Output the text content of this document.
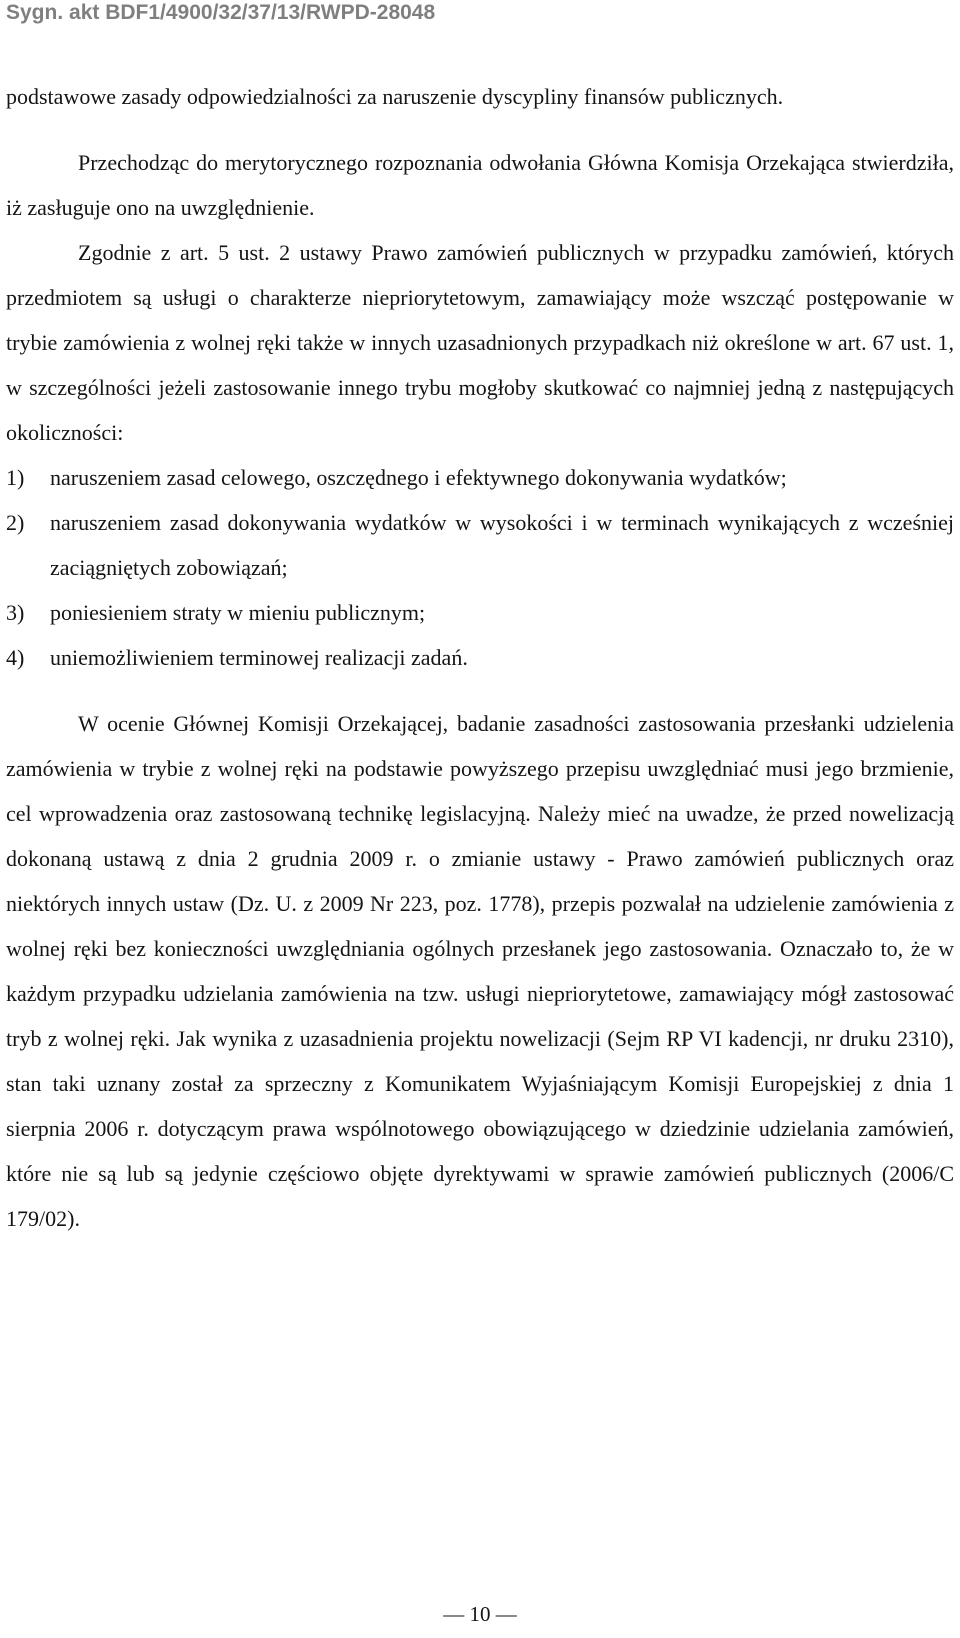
Sygn. akt BDF1/4900/32/37/13/RWPD-28048

podstawowe zasady odpowiedzialności za naruszenie dyscypliny finansów publicznych.

Przechodząc do merytorycznego rozpoznania odwołania Główna Komisja Orzekająca stwierdziła, iż zasługuje ono na uwzględnienie.

Zgodnie z art. 5 ust. 2 ustawy Prawo zamówień publicznych w przypadku zamówień, których przedmiotem są usługi o charakterze niepriorytetowym, zamawiający może wszcząć postępowanie w trybie zamówienia z wolnej ręki także w innych uzasadnionych przypadkach niż określone w art. 67 ust. 1, w szczególności jeżeli zastosowanie innego trybu mogłoby skutkować co najmniej jedną z następujących okoliczności:

1)	naruszeniem zasad celowego, oszczędnego i efektywnego dokonywania wydatków;
2)	naruszeniem zasad dokonywania wydatków w wysokości i w terminach wynikających z wcześniej zaciągniętych zobowiązań;
3)	poniesieniem straty w mieniu publicznym;
4)	uniemożliwieniem terminowej realizacji zadań.

W ocenie Głównej Komisji Orzekającej, badanie zasadności zastosowania przesłanki udzielenia zamówienia w trybie z wolnej ręki na podstawie powyższego przepisu uwzględniać musi jego brzmienie, cel wprowadzenia oraz zastosowaną technikę legislacyjną. Należy mieć na uwadze, że przed nowelizacją dokonaną ustawą z dnia 2 grudnia 2009 r. o zmianie ustawy - Prawo zamówień publicznych oraz niektórych innych ustaw (Dz. U. z 2009 Nr 223, poz. 1778), przepis pozwalał na udzielenie zamówienia z wolnej ręki bez konieczności uwzględniania ogólnych przesłanek jego zastosowania. Oznaczało to, że w każdym przypadku udzielania zamówienia na tzw. usługi niepriorytetowe, zamawiający mógł zastosować tryb z wolnej ręki. Jak wynika z uzasadnienia projektu nowelizacji (Sejm RP VI kadencji, nr druku 2310), stan taki uznany został za sprzeczny z Komunikatem Wyjaśniającym Komisji Europejskiej z dnia 1 sierpnia 2006 r. dotyczącym prawa wspólnotowego obowiązującego w dziedzinie udzielania zamówień, które nie są lub są jedynie częściowo objęte dyrektywami w sprawie zamówień publicznych (2006/C 179/02).

— 10 —
